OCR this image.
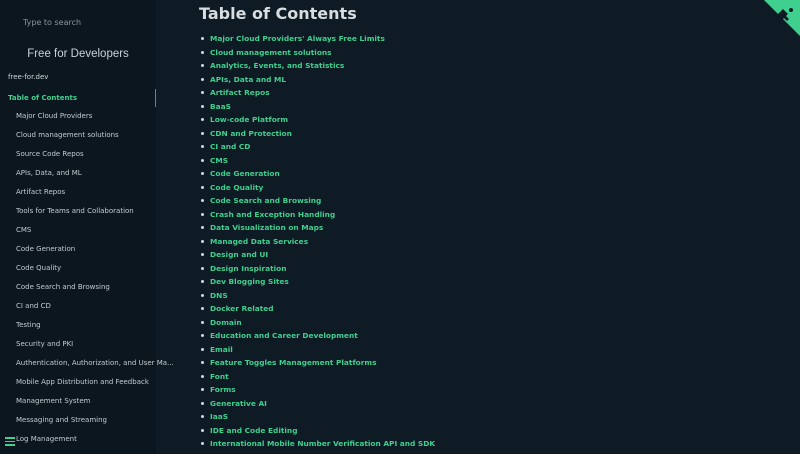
Type to search
Free for Developers
free-for.dev
Table of Contents
Major Cloud Providers
Cloud management solutions
Source Code Repos
APIs, Data, and ML
Artifact Repos
Tools for Teams and Collaboration
CMS
Code Generation
Code Quality
Code Search and Browsing
CI and CD
Testing
Security and PKI
Authentication, Authorization, and User Ma...
Mobile App Distribution and Feedback
Management System
Messaging and Streaming
Log Management
Table of Contents
Major Cloud Providers' Always Free Limits
Cloud management solutions
Analytics, Events, and Statistics
APIs, Data and ML
Artifact Repos
BaaS
Low-code Platform
CDN and Protection
CI and CD
CMS
Code Generation
Code Quality
Code Search and Browsing
Crash and Exception Handling
Data Visualization on Maps
Managed Data Services
Design and UI
Design Inspiration
Dev Blogging Sites
DNS
Docker Related
Domain
Education and Career Development
Email
Feature Toggles Management Platforms
Font
Forms
Generative AI
IaaS
IDE and Code Editing
International Mobile Number Verification API and SDK
